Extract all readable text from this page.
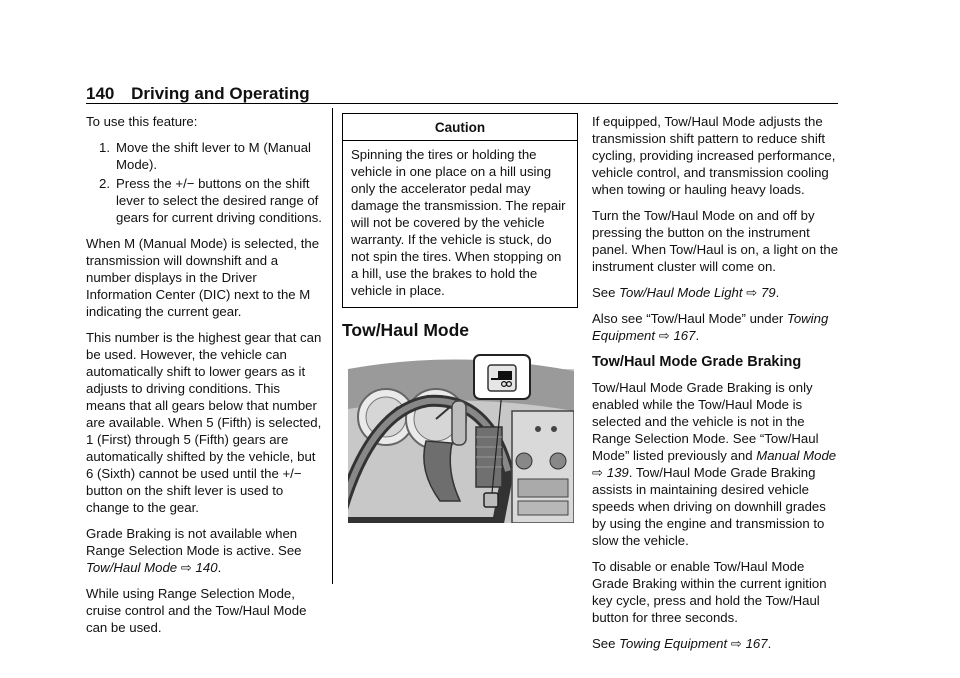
140 Driving and Operating

To use this feature:

1. Move the shift lever to M (Manual Mode).
2. Press the +/− buttons on the shift lever to select the desired range of gears for current driving conditions.

When M (Manual Mode) is selected, the transmission will downshift and a number displays in the Driver Information Center (DIC) next to the M indicating the current gear.

This number is the highest gear that can be used. However, the vehicle can automatically shift to lower gears as it adjusts to driving conditions. This means that all gears below that number are available. When 5 (Fifth) is selected, 1 (First) through 5 (Fifth) gears are automatically shifted by the vehicle, but 6 (Sixth) cannot be used until the +/− button on the shift lever is used to change to the gear.

Grade Braking is not available when Range Selection Mode is active. See Tow/Haul Mode ⇨ 140.

While using Range Selection Mode, cruise control and the Tow/Haul Mode can be used.

Caution
Spinning the tires or holding the vehicle in one place on a hill using only the accelerator pedal may damage the transmission. The repair will not be covered by the vehicle warranty. If the vehicle is stuck, do not spin the tires. When stopping on a hill, use the brakes to hold the vehicle in place.
Tow/Haul Mode

If equipped, Tow/Haul Mode adjusts the transmission shift pattern to reduce shift cycling, providing increased performance, vehicle control, and transmission cooling when towing or hauling heavy loads.

Turn the Tow/Haul Mode on and off by pressing the button on the instrument panel. When Tow/Haul is on, a light on the instrument cluster will come on.

See Tow/Haul Mode Light ⇨ 79.

Also see “Tow/Haul Mode” under Towing Equipment ⇨ 167.

Tow/Haul Mode Grade Braking

Tow/Haul Mode Grade Braking is only enabled while the Tow/Haul Mode is selected and the vehicle is not in the Range Selection Mode. See “Tow/Haul Mode” listed previously and Manual Mode ⇨ 139. Tow/Haul Mode Grade Braking assists in maintaining desired vehicle speeds when driving on downhill grades by using the engine and transmission to slow the vehicle.

To disable or enable Tow/Haul Mode Grade Braking within the current ignition key cycle, press and hold the Tow/Haul button for three seconds.

See Towing Equipment ⇨ 167.
